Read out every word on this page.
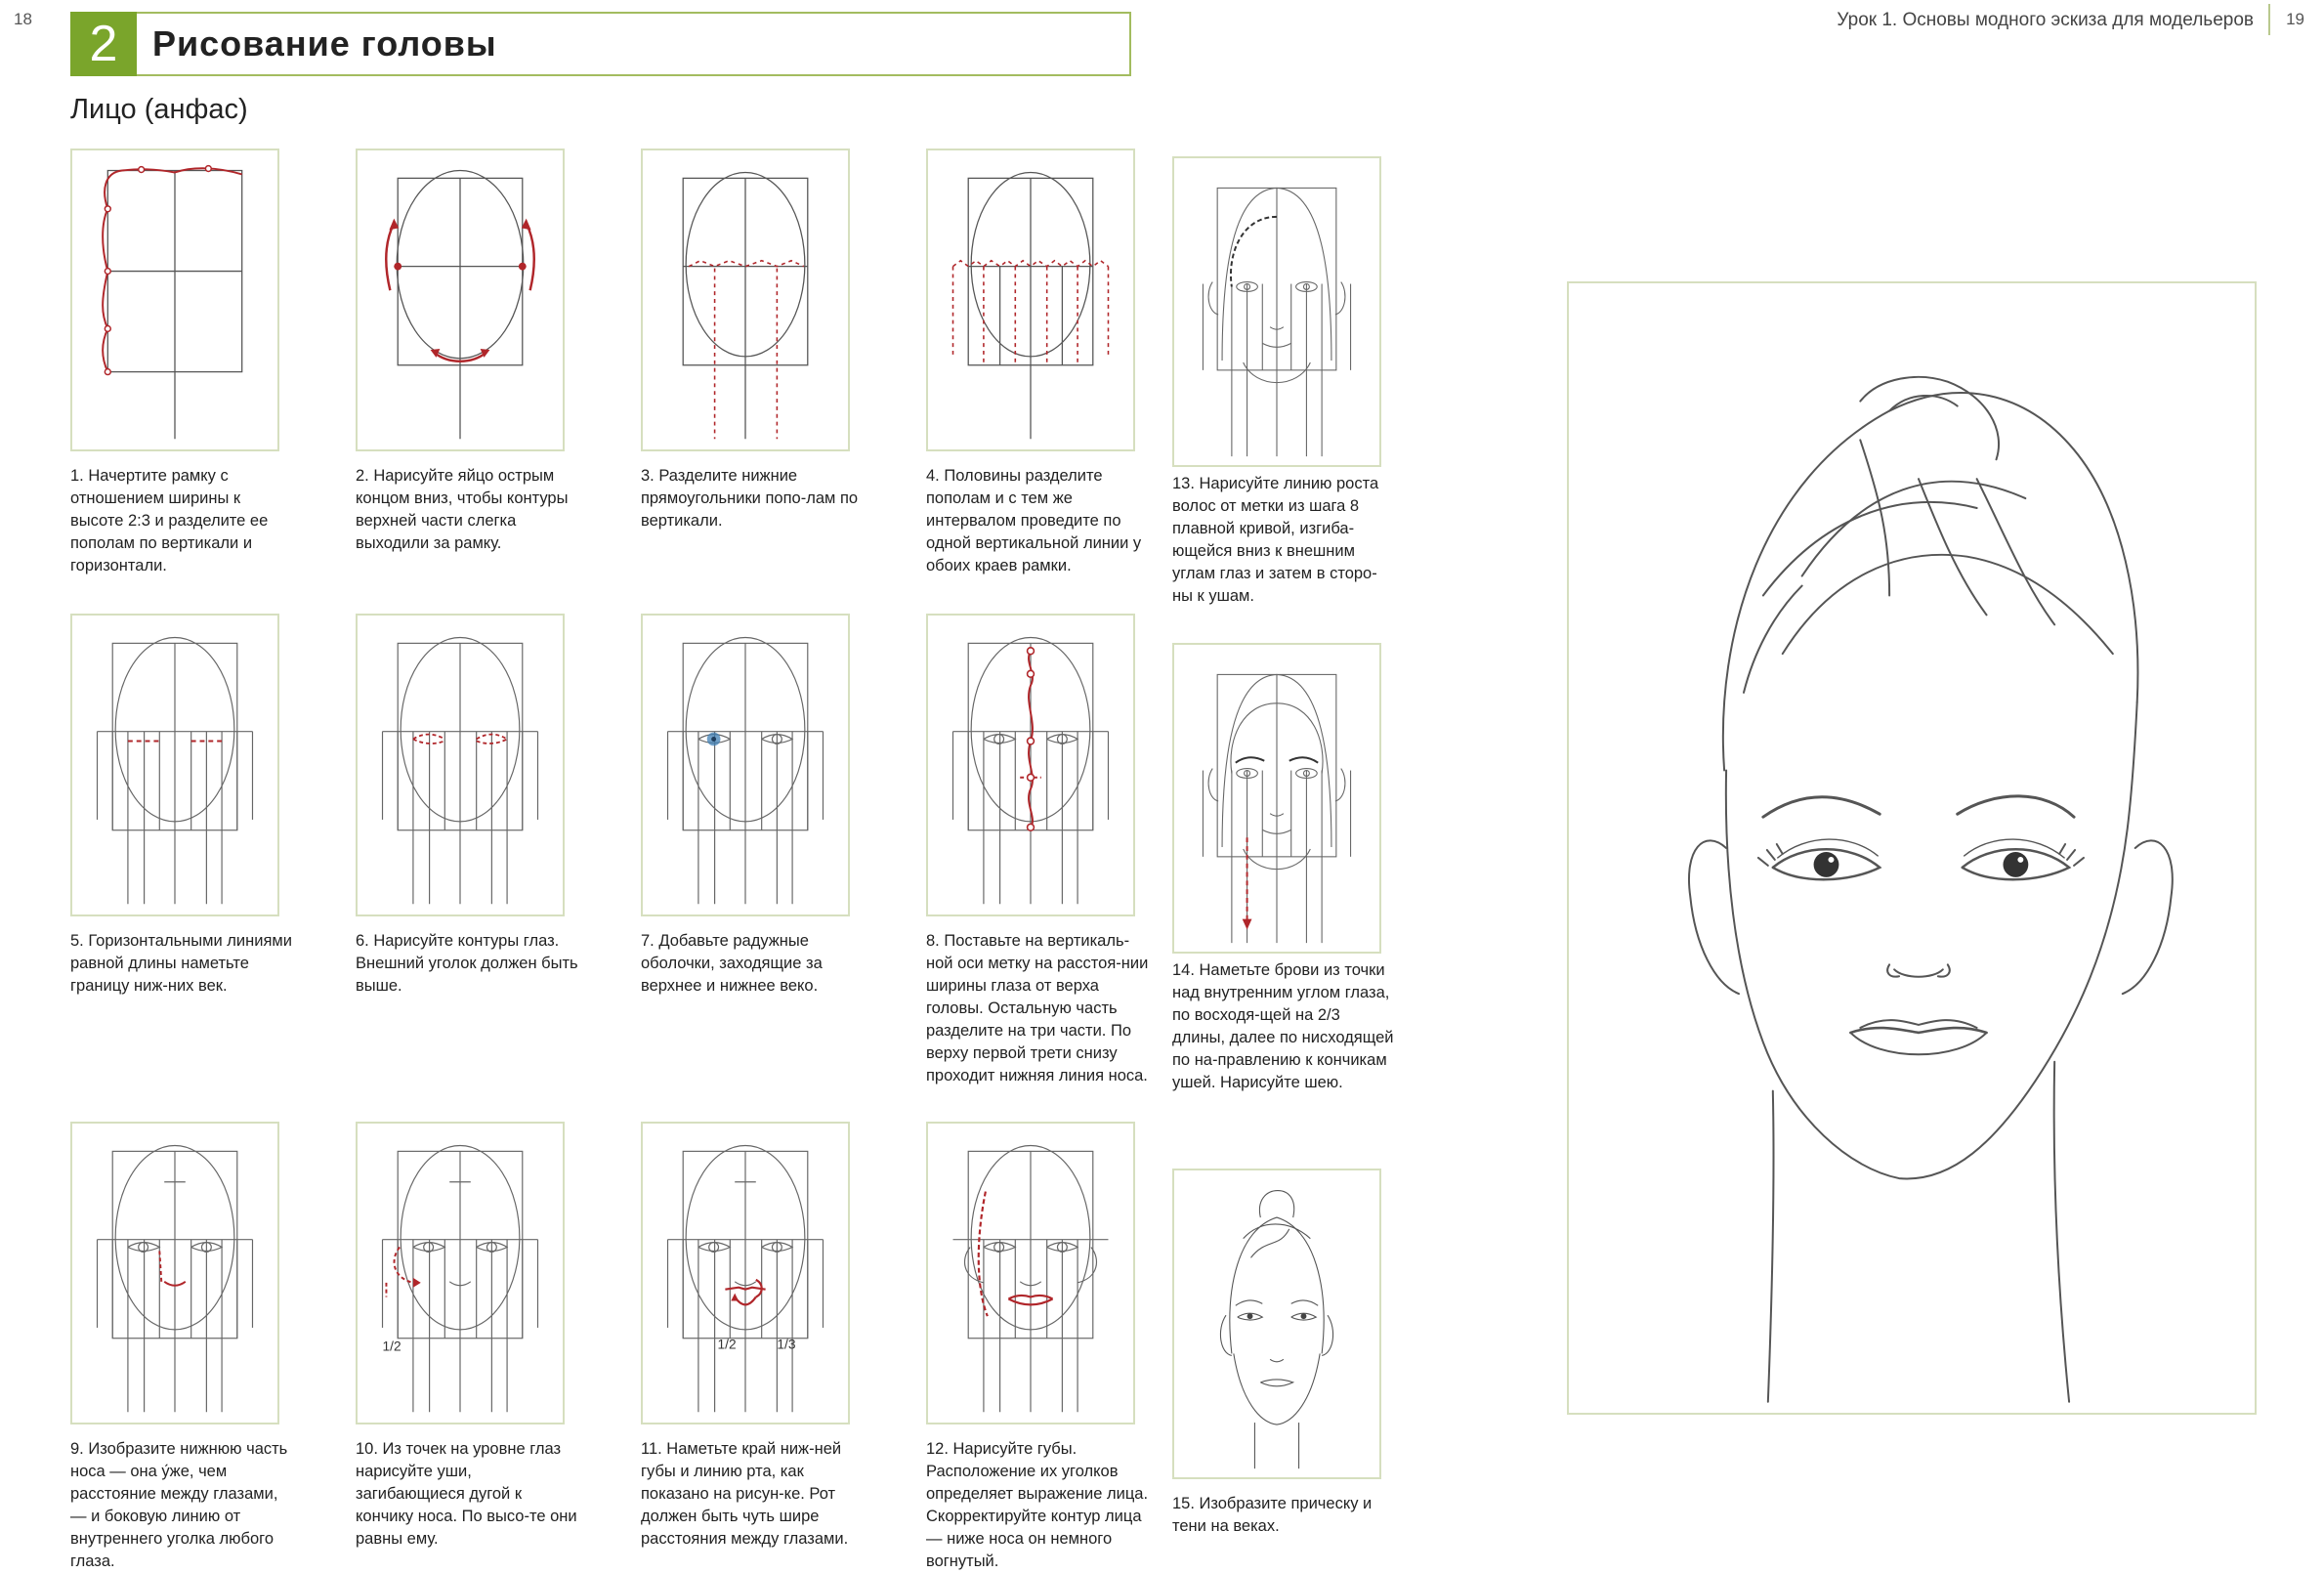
18	19
Урок 1. Основы модного эскиза для модельеров
2 Рисование головы
Лицо (анфас)
1. Начертите рамку с отношением ширины к высоте 2:3 и разделите ее пополам по вертикали и горизонтали.
2. Нарисуйте яйцо острым концом вниз, чтобы контуры верхней части слегка выходили за рамку.
3. Разделите нижние прямоугольники попо-лам по вертикали.
4. Половины разделите пополам и с тем же интервалом проведите по одной вертикальной линии у обоих краев рамки.
13. Нарисуйте линию роста волос от метки из шага 8 плавной кривой, изгиба-ющейся вниз к внешним углам глаз и затем в сторо-ны к ушам.
5. Горизонтальными линиями равной длины наметьте границу ниж-них век.
6. Нарисуйте контуры глаз. Внешний уголок должен быть выше.
7. Добавьте радужные оболочки, заходящие за верхнее и нижнее веко.
8. Поставьте на вертикаль-ной оси метку на расстоя-нии ширины глаза от верха головы. Остальную часть разделите на три части. По верху первой трети снизу проходит нижняя линия носа.
14. Наметьте брови из точки над внутренним углом глаза, по восходя-щей на 2/3 длины, далее по нисходящей по на-правлению к кончикам ушей. Нарисуйте шею.
9. Изобразите нижнюю часть носа — она у́же, чем расстояние между глазами, — и боковую линию от внутреннего уголка любого глаза.
1/2
10. Из точек на уровне глаз нарисуйте уши, загибающиеся дугой к кончику носа. По высо-те они равны ему.
1/2	1/3
11. Наметьте край ниж-ней губы и линию рта, как показано на рисун-ке. Рот должен быть чуть шире расстояния между глазами.
12. Нарисуйте губы. Расположение их уголков определяет выражение лица. Скорректируйте контур лица — ниже носа он немного вогнутый.
15. Изобразите прическу и тени на веках.
